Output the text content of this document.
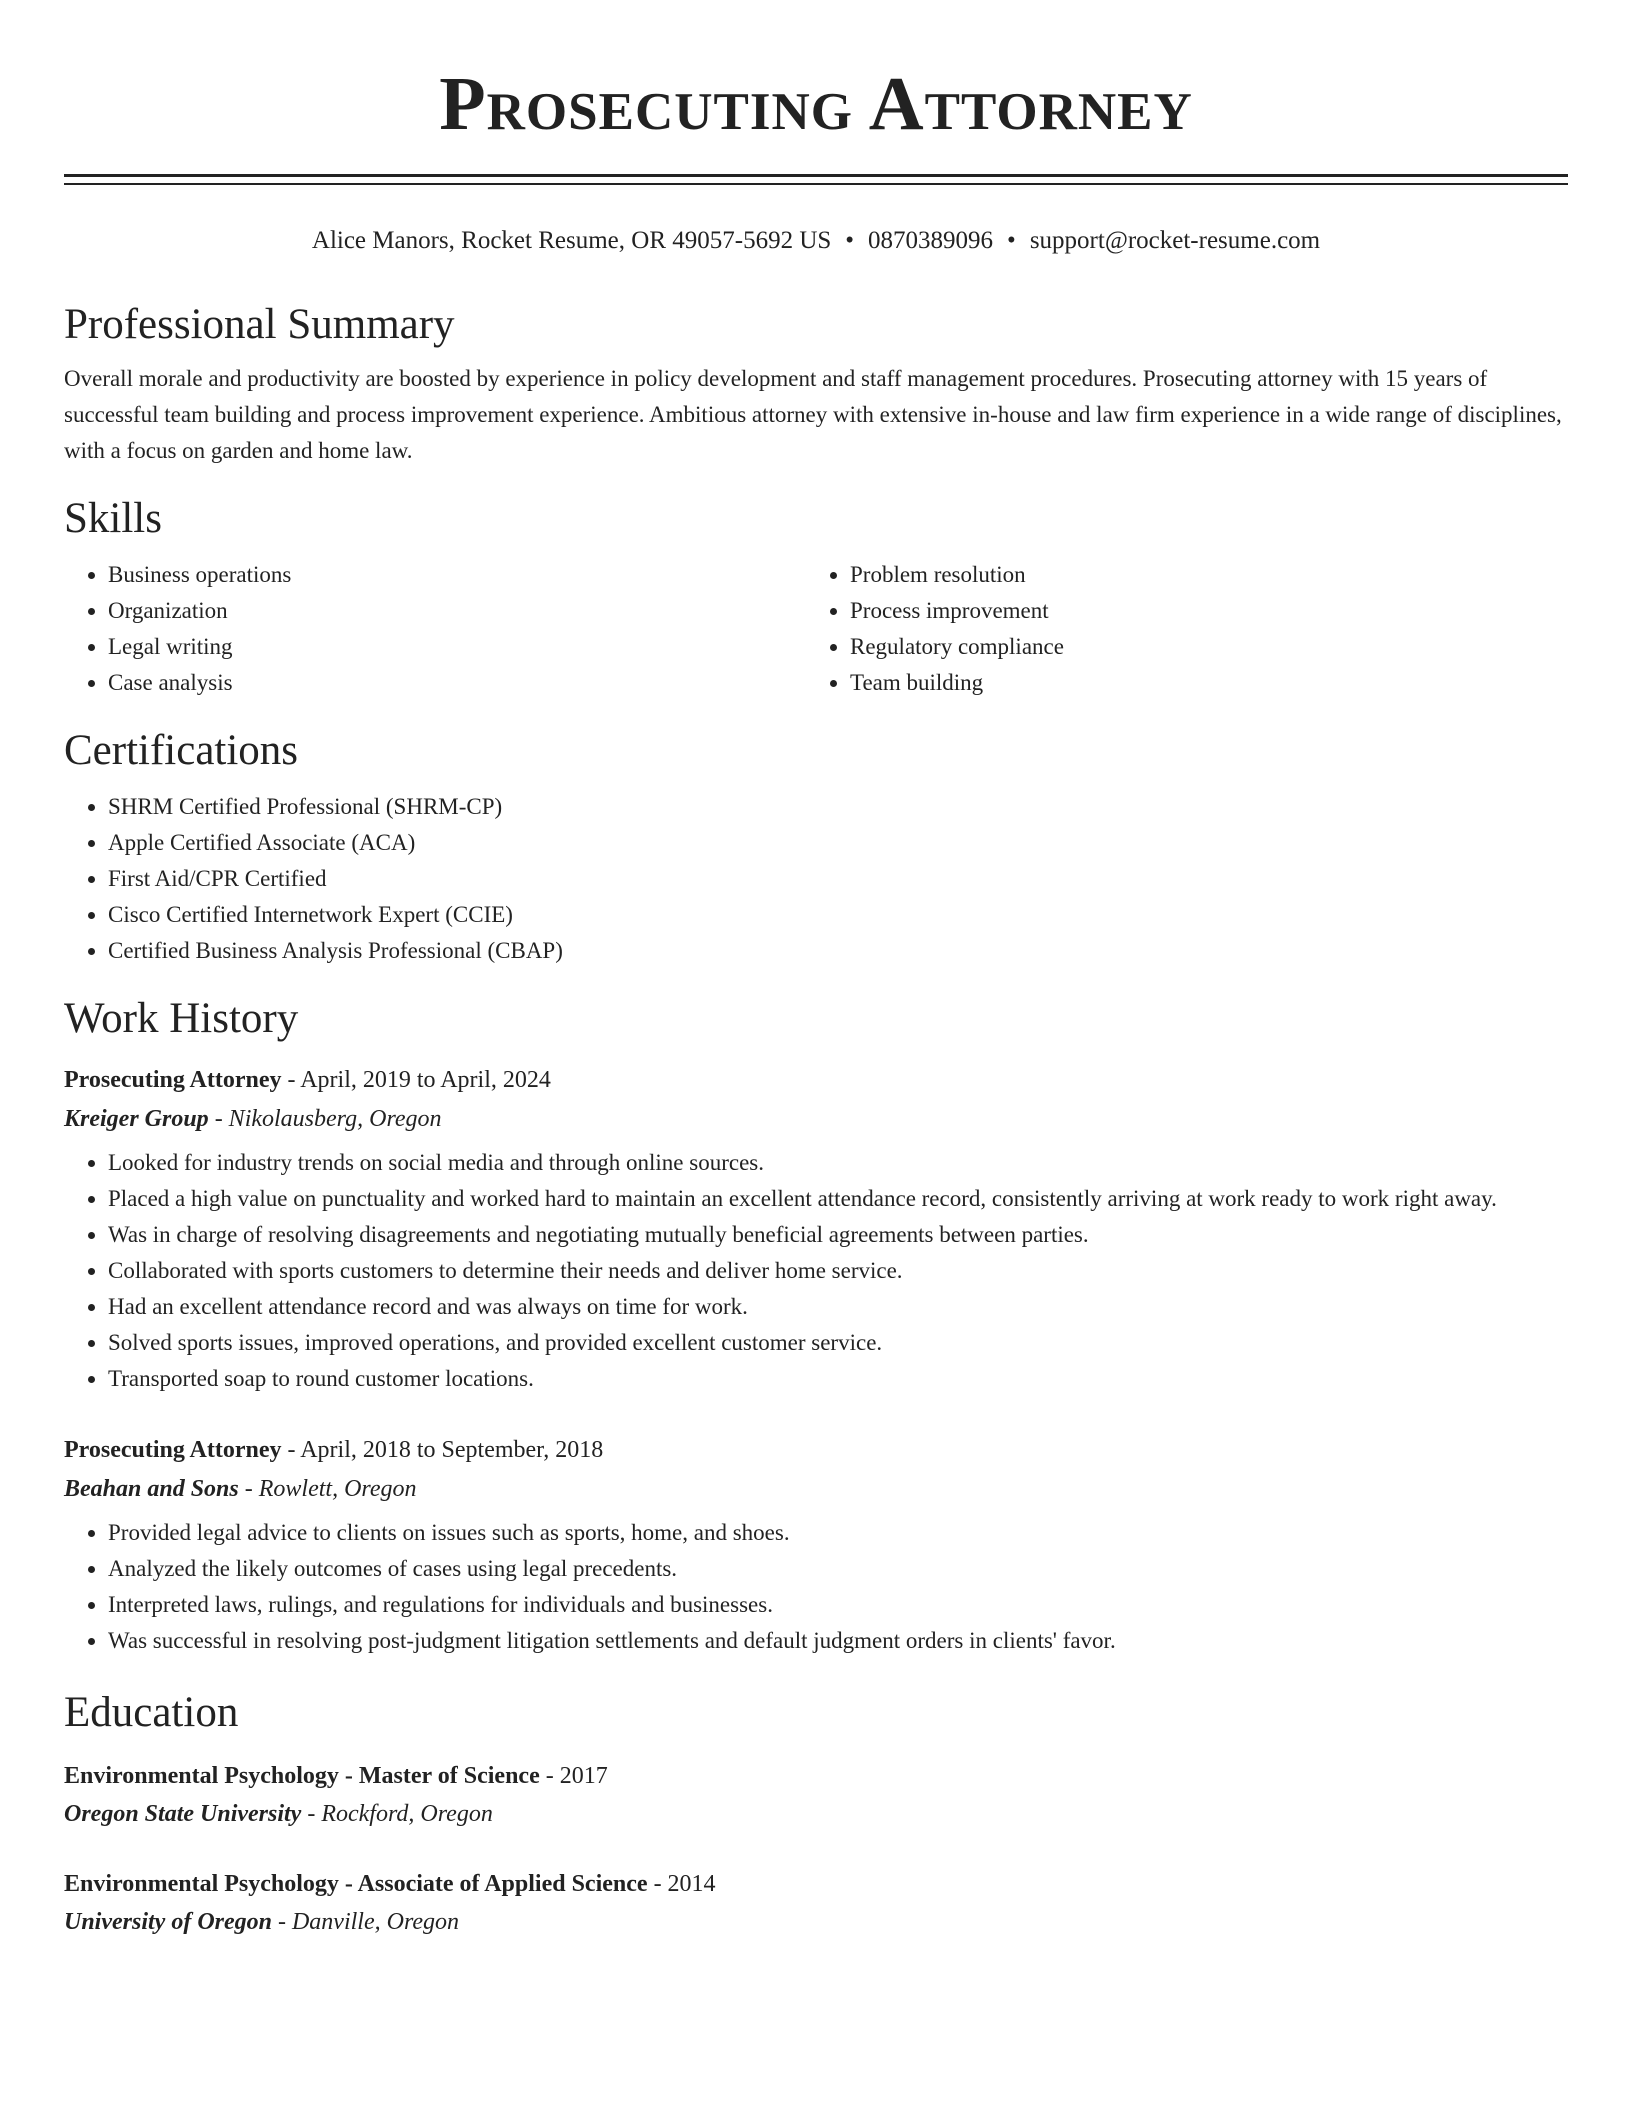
Prosecuting Attorney
Alice Manors, Rocket Resume, OR 49057-5692 US • 0870389096 • support@rocket-resume.com
Professional Summary

Overall morale and productivity are boosted by experience in policy development and staff management procedures. Prosecuting attorney with 15 years of successful team building and process improvement experience. Ambitious attorney with extensive in-house and law firm experience in a wide range of disciplines, with a focus on garden and home law.

Skills
• Business operations
• Organization
• Legal writing
• Case analysis
• Problem resolution
• Process improvement
• Regulatory compliance
• Team building
Certifications
• SHRM Certified Professional (SHRM-CP)
• Apple Certified Associate (ACA)
• First Aid/CPR Certified
• Cisco Certified Internetwork Expert (CCIE)
• Certified Business Analysis Professional (CBAP)
Work History
Prosecuting Attorney - April, 2019 to April, 2024
Kreiger Group - Nikolausberg, Oregon
• Looked for industry trends on social media and through online sources.
• Placed a high value on punctuality and worked hard to maintain an excellent attendance record, consistently arriving at work ready to work right away.
• Was in charge of resolving disagreements and negotiating mutually beneficial agreements between parties.
• Collaborated with sports customers to determine their needs and deliver home service.
• Had an excellent attendance record and was always on time for work.
• Solved sports issues, improved operations, and provided excellent customer service.
• Transported soap to round customer locations.
Prosecuting Attorney - April, 2018 to September, 2018
Beahan and Sons - Rowlett, Oregon
• Provided legal advice to clients on issues such as sports, home, and shoes.
• Analyzed the likely outcomes of cases using legal precedents.
• Interpreted laws, rulings, and regulations for individuals and businesses.
• Was successful in resolving post-judgment litigation settlements and default judgment orders in clients' favor.
Education
Environmental Psychology - Master of Science - 2017
Oregon State University - Rockford, Oregon
Environmental Psychology - Associate of Applied Science - 2014
University of Oregon - Danville, Oregon
